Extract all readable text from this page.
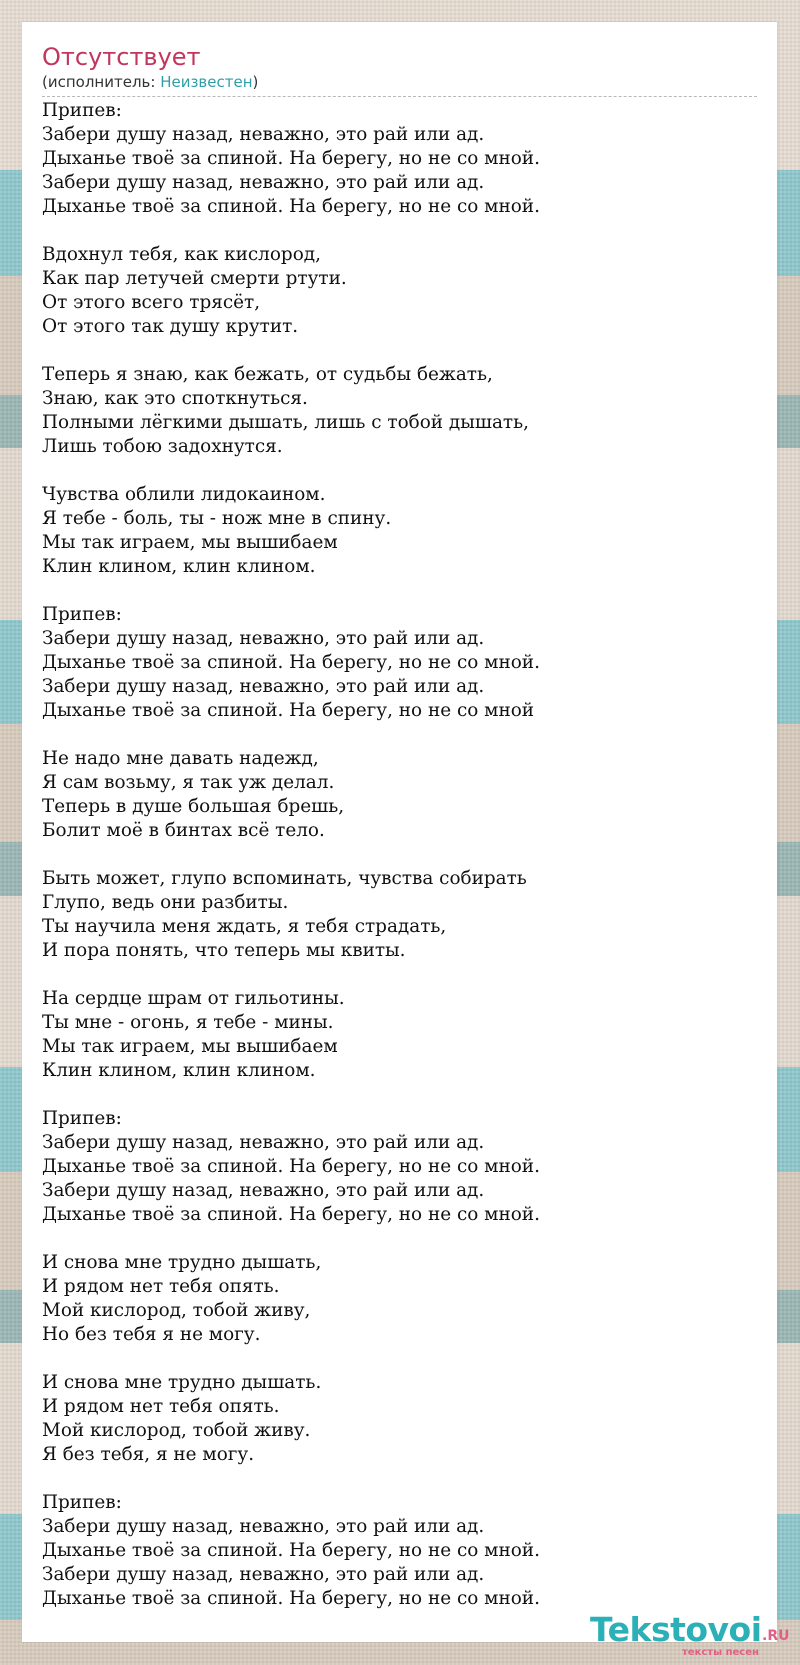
Отсутствует
(исполнитель: Неизвестен)
Припев:
Забери душу назад, неважно, это рай или ад.
Дыханье твоё за спиной. На берегу, но не со мной.
Забери душу назад, неважно, это рай или ад.
Дыханье твоё за спиной. На берегу, но не со мной.
Вдохнул тебя, как кислород,
Как пар летучей смерти ртути.
От этого всего трясёт,
От этого так душу крутит.
Теперь я знаю, как бежать, от судьбы бежать,
Знаю, как это споткнуться.
Полными лёгкими дышать, лишь с тобой дышать,
Лишь тобою задохнутся.
Чувства облили лидокаином.
Я тебе - боль, ты - нож мне в спину.
Мы так играем, мы вышибаем
Клин клином, клин клином.
Припев:
Забери душу назад, неважно, это рай или ад.
Дыханье твоё за спиной. На берегу, но не со мной.
Забери душу назад, неважно, это рай или ад.
Дыханье твоё за спиной. На берегу, но не со мной
Не надо мне давать надежд,
Я сам возьму, я так уж делал.
Теперь в душе большая брешь,
Болит моё в бинтах всё тело.
Быть может, глупо вспоминать, чувства собирать
Глупо, ведь они разбиты.
Ты научила меня ждать, я тебя страдать,
И пора понять, что теперь мы квиты.
На сердце шрам от гильотины.
Ты мне - огонь, я тебе - мины.
Мы так играем, мы вышибаем
Клин клином, клин клином.
Припев:
Забери душу назад, неважно, это рай или ад.
Дыханье твоё за спиной. На берегу, но не со мной.
Забери душу назад, неважно, это рай или ад.
Дыханье твоё за спиной. На берегу, но не со мной.
И снова мне трудно дышать,
И рядом нет тебя опять.
Мой кислород, тобой живу,
Но без тебя я не могу.
И снова мне трудно дышать.
И рядом нет тебя опять.
Мой кислород, тобой живу.
Я без тебя, я не могу.
Припев:
Забери душу назад, неважно, это рай или ад.
Дыханье твоё за спиной. На берегу, но не со мной.
Забери душу назад, неважно, это рай или ад.
Дыханье твоё за спиной. На берегу, но не со мной.
Tekstovoi .RU
тексты песен
